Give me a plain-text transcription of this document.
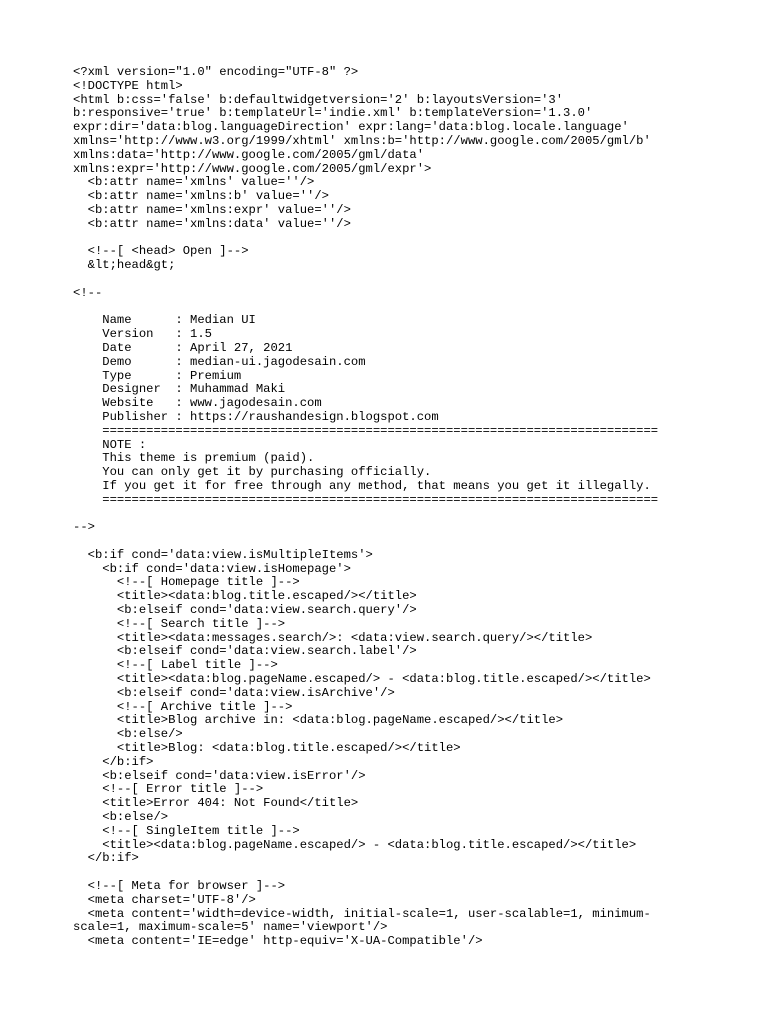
<?xml version="1.0" encoding="UTF-8" ?>
<!DOCTYPE html>
<html b:css='false' b:defaultwidgetversion='2' b:layoutsVersion='3'
b:responsive='true' b:templateUrl='indie.xml' b:templateVersion='1.3.0'
expr:dir='data:blog.languageDirection' expr:lang='data:blog.locale.language'
xmlns='http://www.w3.org/1999/xhtml' xmlns:b='http://www.google.com/2005/gml/b'
xmlns:data='http://www.google.com/2005/gml/data'
xmlns:expr='http://www.google.com/2005/gml/expr'>
<b:attr name='xmlns' value=''/>
<b:attr name='xmlns:b' value=''/>
<b:attr name='xmlns:expr' value=''/>
<b:attr name='xmlns:data' value=''/>
<!--[ <head> Open ]-->
&lt;head&gt;
<!--
Name      : Median UI
Version   : 1.5
Date      : April 27, 2021
Demo      : median-ui.jagodesain.com
Type      : Premium
Designer  : Muhammad Maki
Website   : www.jagodesain.com
Publisher : https://raushandesign.blogspot.com
============================================================================
NOTE :
This theme is premium (paid).
You can only get it by purchasing officially.
If you get it for free through any method, that means you get it illegally.
============================================================================
-->
<b:if cond='data:view.isMultipleItems'>
<b:if cond='data:view.isHomepage'>
<!--[ Homepage title ]-->
<title><data:blog.title.escaped/></title>
<b:elseif cond='data:view.search.query'/>
<!--[ Search title ]-->
<title><data:messages.search/>: <data:view.search.query/></title>
<b:elseif cond='data:view.search.label'/>
<!--[ Label title ]-->
<title><data:blog.pageName.escaped/> - <data:blog.title.escaped/></title>
<b:elseif cond='data:view.isArchive'/>
<!--[ Archive title ]-->
<title>Blog archive in: <data:blog.pageName.escaped/></title>
<b:else/>
<title>Blog: <data:blog.title.escaped/></title>
</b:if>
<b:elseif cond='data:view.isError'/>
<!--[ Error title ]-->
<title>Error 404: Not Found</title>
<b:else/>
<!--[ SingleItem title ]-->
<title><data:blog.pageName.escaped/> - <data:blog.title.escaped/></title>
</b:if>
<!--[ Meta for browser ]-->
<meta charset='UTF-8'/>
<meta content='width=device-width, initial-scale=1, user-scalable=1, minimum-
scale=1, maximum-scale=5' name='viewport'/>
<meta content='IE=edge' http-equiv='X-UA-Compatible'/>
